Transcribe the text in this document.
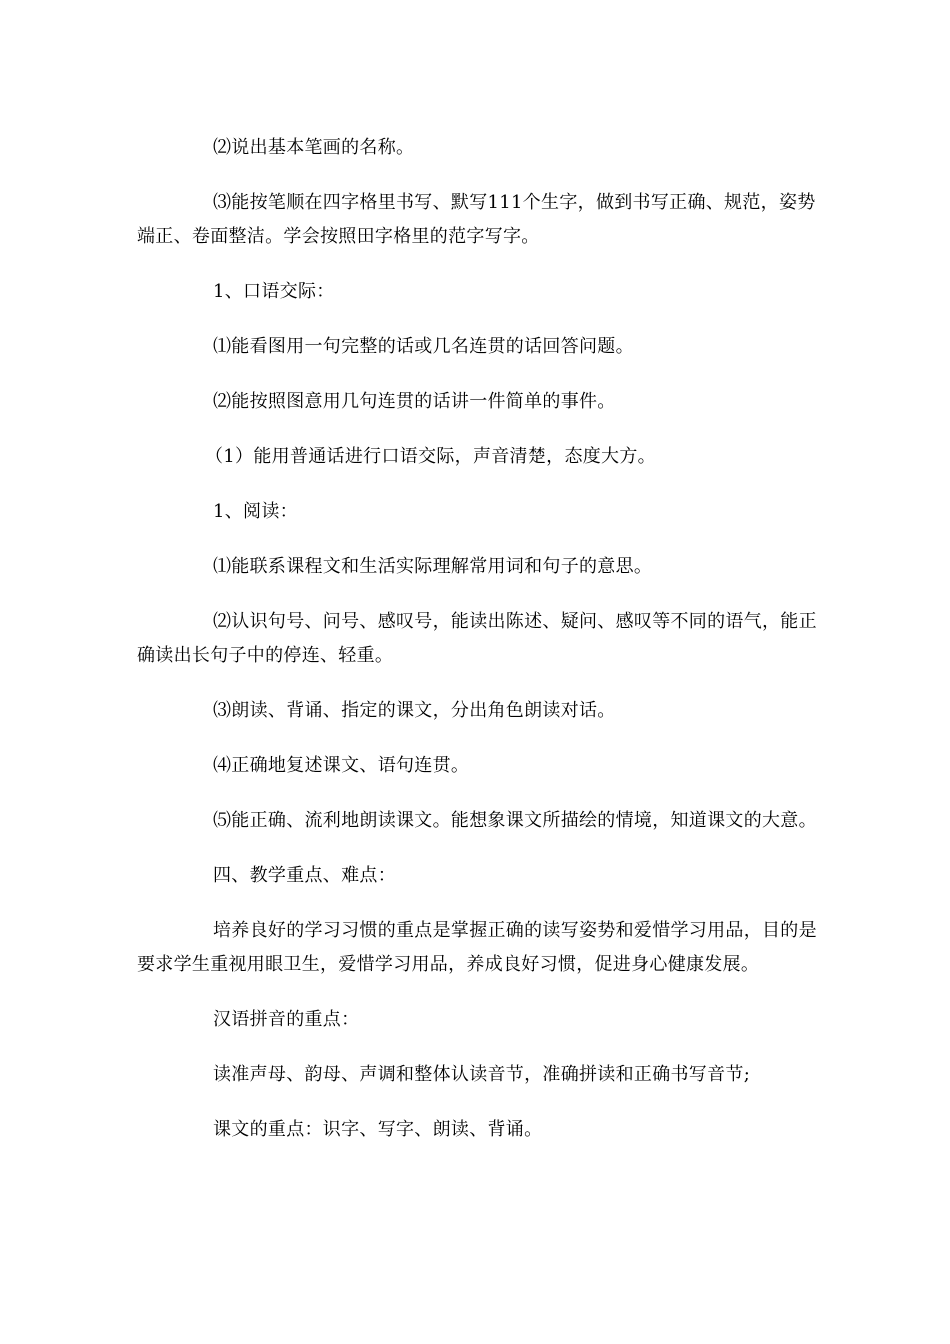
⑵说出基本笔画的名称。

⑶能按笔顺在四字格里书写、默写111个生字，做到书写正确、规范，姿势端正、卷面整洁。学会按照田字格里的范字写字。

1、口语交际：

⑴能看图用一句完整的话或几名连贯的话回答问题。

⑵能按照图意用几句连贯的话讲一件简单的事件。

（1）能用普通话进行口语交际，声音清楚，态度大方。

1、阅读：

⑴能联系课程文和生活实际理解常用词和句子的意思。

⑵认识句号、问号、感叹号，能读出陈述、疑问、感叹等不同的语气，能正确读出长句子中的停连、轻重。

⑶朗读、背诵、指定的课文，分出角色朗读对话。

⑷正确地复述课文、语句连贯。

⑸能正确、流利地朗读课文。能想象课文所描绘的情境，知道课文的大意。

四、教学重点、难点：

培养良好的学习习惯的重点是掌握正确的读写姿势和爱惜学习用品，目的是要求学生重视用眼卫生，爱惜学习用品，养成良好习惯，促进身心健康发展。

汉语拼音的重点：

读准声母、韵母、声调和整体认读音节，准确拼读和正确书写音节;

课文的重点：识字、写字、朗读、背诵。
